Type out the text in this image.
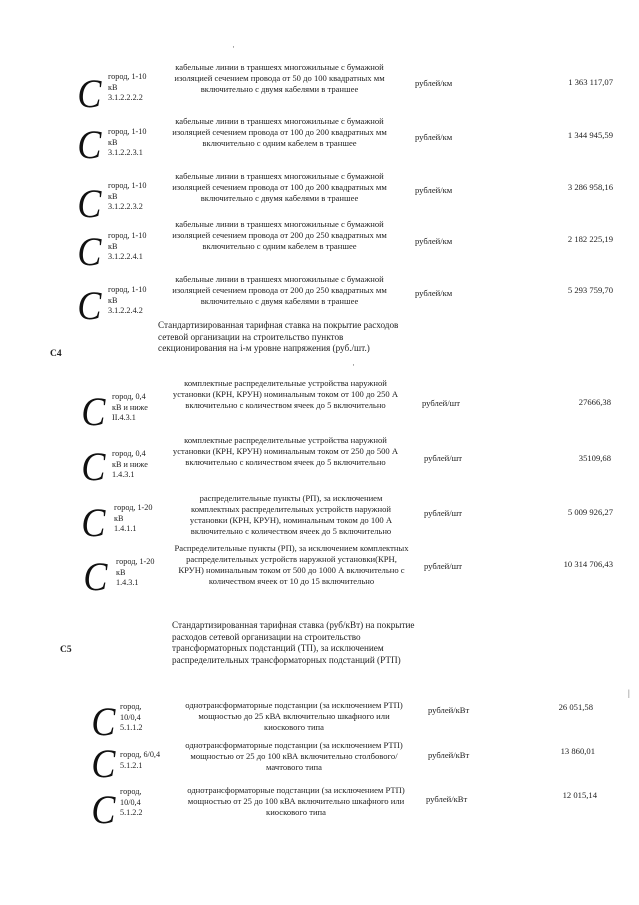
С город, 1-10
кВ
3.1.2.2.2.2
кабельные линии в траншеях многожильные с бумажной изоляцией сечением провода от 50 до 100 квадратных мм включительно с двумя кабелями в траншее
рублей/км	1 363 117,07
С город, 1-10
кВ
3.1.2.2.3.1
кабельные линии в траншеях многожильные с бумажной изоляцией сечением провода от 100 до 200 квадратных мм включительно с одним кабелем в траншее
рублей/км	1 344 945,59
С город, 1-10
кВ
3.1.2.2.3.2
кабельные линии в траншеях многожильные с бумажной изоляцией сечением провода от 100 до 200 квадратных мм включительно с двумя кабелями в траншее
рублей/км	3 286 958,16
С город, 1-10
кВ
3.1.2.2.4.1
кабельные линии в траншеях многожильные с бумажной изоляцией сечением провода от 200 до 250 квадратных мм включительно с одним кабелем в траншее	рублей/км	2 182 225,19
С город, 1-10
кВ
3.1.2.2.4.2
кабельные линии в траншеях многожильные с бумажной изоляцией сечением провода от 200 до 250 квадратных мм включительно с двумя кабелями в траншее
рублей/км	5 293 759,70
С4
Стандартизированная тарифная ставка на покрытие расходов сетевой организации на строительство пунктов секционирования на i-м уровне напряжения (руб./шт.)
С город, 0,4
кВ и ниже
II.4.3.1
комплектные распределительные устройства наружной установки (КРН, КРУН) номинальным током от 100 до 250 А включительно с количеством ячеек до 5 включительно	рублей/шт	27666,38
С город, 0,4
кВ и ниже
1.4.3.1
комплектные распределительные устройства наружной установки (КРН, КРУН) номинальным током от 250 до 500 А включительно с количеством ячеек до 5 включительно	рублей/шт	35109,68
С город, 1-20
кВ
1.4.1.1
распределительные пункты (РП), за исключением комплектных распределительных устройств наружной установки (КРН, КРУН), номинальным током до 100 А включительно с количеством ячеек до 5 включительно
рублей/шт	5 009 926,27
С город, 1-20
кВ
1.4.3.1
Распределительные пункты (РП), за исключением комплектных распределительных устройств наружной установки(КРН, КРУН) номинальным током от 500 до 1000 А включительно с количеством ячеек от 10 до 15 включительно
рублей/шт	10 314 706,43
С5
Стандартизированная тарифная ставка (руб/кВт) на покрытие расходов сетевой организации на строительство трансформаторных подстанций (ТП), за исключением распределительных трансформаторных подстанций (РТП)
С город,
10/0,4
5.1.1.2
однотрансформаторные подстанции (за исключением РТП) мощностью до 25 кВА включительно шкафного или киоскового типа
рублей/кВт	26 051,58
С город, 6/0,4
5.1.2.1
однотрансформаторные подстанции (за исключением РТП) мощностью от 25 до 100 кВА включительно столбового/мачтового типа
рублей/кВт	13 860,01
С город,
10/0,4
5.1.2.2
однотрансформаторные подстанции (за исключением РТП) мощностью от 25 до 100 кВА включительно шкафного или киоскового типа
рублей/кВт	12 015,14
·
·
|
